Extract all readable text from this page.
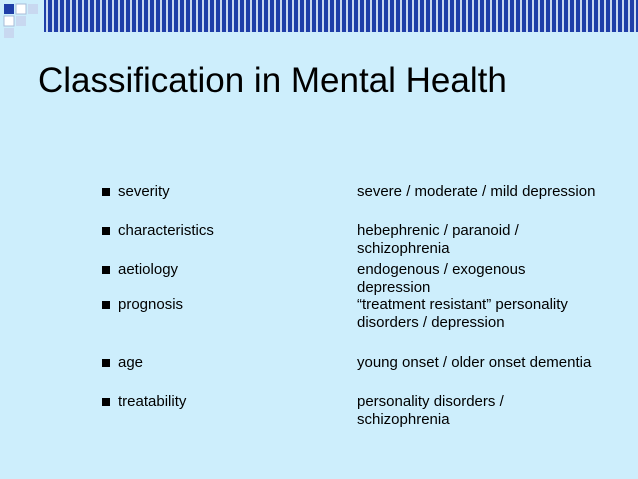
Classification in Mental Health
severity	severe / moderate / mild depression
characteristics	hebephrenic / paranoid / schizophrenia
aetiology	endogenous / exogenous depression
prognosis	“treatment resistant” personality disorders / depression
age	young onset / older onset dementia
treatability	personality disorders / schizophrenia
